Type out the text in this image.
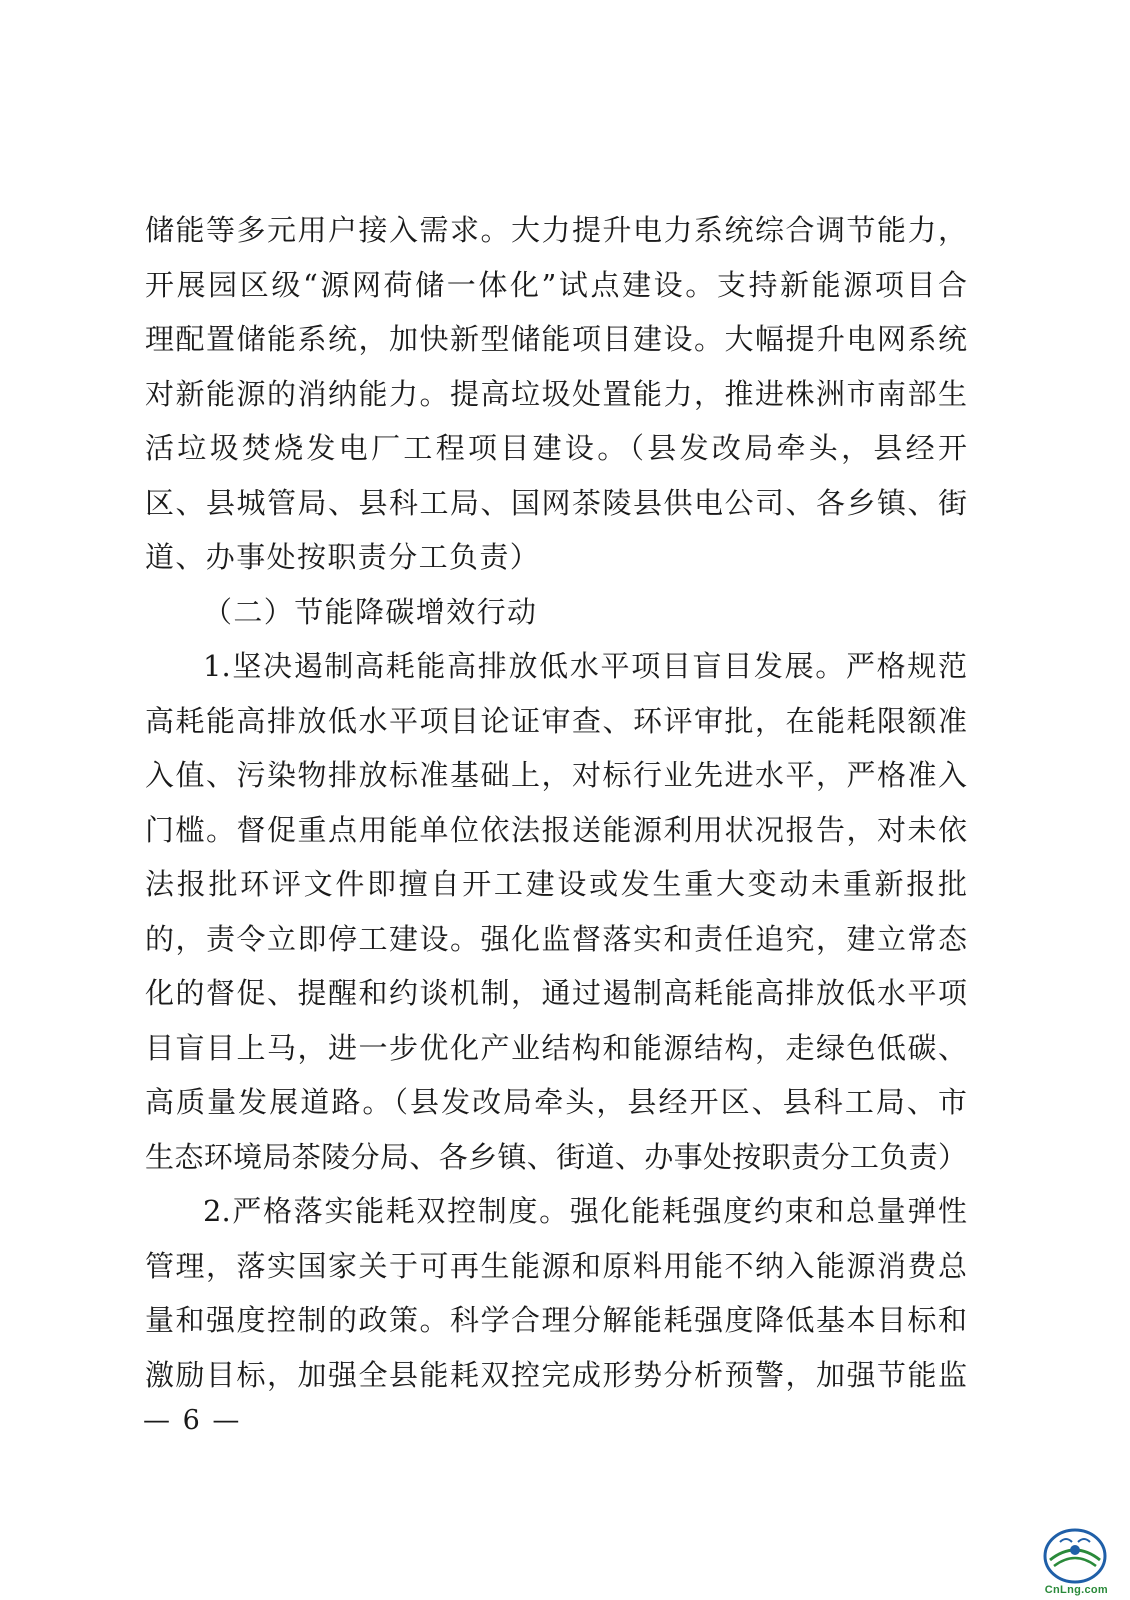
储能等多元用户接入需求。大力提升电力系统综合调节能力，
开展园区级“源网荷储一体化”试点建设。支持新能源项目合
理配置储能系统，加快新型储能项目建设。大幅提升电网系统
对新能源的消纳能力。提高垃圾处置能力，推进株洲市南部生
活垃圾焚烧发电厂工程项目建设。（县发改局牵头，县经开
区、县城管局、县科工局、国网茶陵县供电公司、各乡镇、街
道、办事处按职责分工负责）
（二）节能降碳增效行动
1.坚决遏制高耗能高排放低水平项目盲目发展。严格规范
高耗能高排放低水平项目论证审查、环评审批，在能耗限额准
入值、污染物排放标准基础上，对标行业先进水平，严格准入
门槛。督促重点用能单位依法报送能源利用状况报告，对未依
法报批环评文件即擅自开工建设或发生重大变动未重新报批
的，责令立即停工建设。强化监督落实和责任追究，建立常态
化的督促、提醒和约谈机制，通过遏制高耗能高排放低水平项
目盲目上马，进一步优化产业结构和能源结构，走绿色低碳、
高质量发展道路。（县发改局牵头，县经开区、县科工局、市
生态环境局茶陵分局、各乡镇、街道、办事处按职责分工负责）
2.严格落实能耗双控制度。强化能耗强度约束和总量弹性
管理，落实国家关于可再生能源和原料用能不纳入能源消费总
量和强度控制的政策。科学合理分解能耗强度降低基本目标和
激励目标，加强全县能耗双控完成形势分析预警，加强节能监
— 6 —
CnLng.com
